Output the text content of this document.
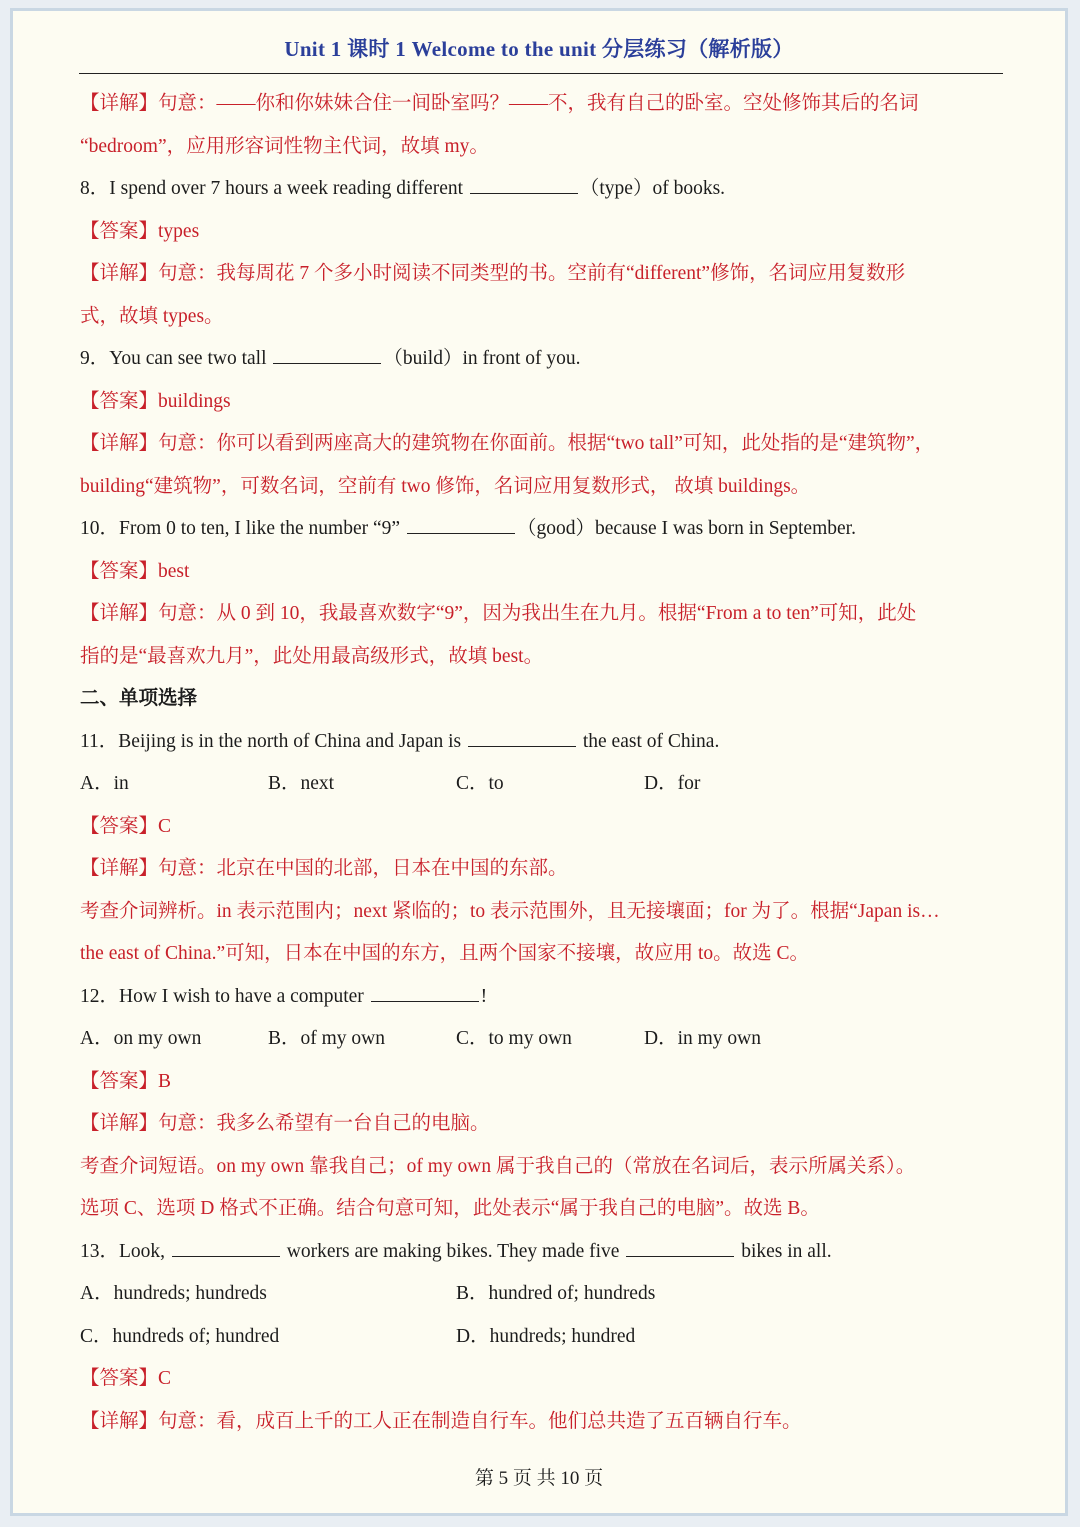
Unit 1 课时 1 Welcome to the unit 分层练习（解析版）
【详解】句意：——你和你妹妹合住一间卧室吗？——不，我有自己的卧室。空处修饰其后的名词
“bedroom”，应用形容词性物主代词，故填 my。
8．I spend over 7 hours a week reading different	（type）of books.
【答案】types
【详解】句意：我每周花 7 个多小时阅读不同类型的书。空前有“different”修饰，名词应用复数形
式，故填 types。
9．You can see two tall	（build）in front of you.
【答案】buildings
【详解】句意：你可以看到两座高大的建筑物在你面前。根据“two tall”可知，此处指的是“建筑物”，
building“建筑物”，可数名词，空前有 two 修饰，名词应用复数形式， 故填 buildings。
10．From 0 to ten, I like the number “9”	（good）because I was born in September.
【答案】best
【详解】句意：从 0 到 10，我最喜欢数字“9”，因为我出生在九月。根据“From a to ten”可知，此处
指的是“最喜欢九月”，此处用最高级形式，故填 best。
二、单项选择
11．Beijing is in the north of China and Japan is	the east of China.
A．in	B．next	C．to	D．for
【答案】C
【详解】句意：北京在中国的北部，日本在中国的东部。
考查介词辨析。in 表示范围内；next 紧临的；to 表示范围外，且无接壤面；for 为了。根据“Japan is…
the east of China.”可知，日本在中国的东方，且两个国家不接壤，故应用 to。故选 C。
12．How I wish to have a computer	!
A．on my own	B．of my own	C．to my own	D．in my own
【答案】B
【详解】句意：我多么希望有一台自己的电脑。
考查介词短语。on my own 靠我自己；of my own 属于我自己的（常放在名词后，表示所属关系）。
选项 C、选项 D 格式不正确。结合句意可知，此处表示“属于我自己的电脑”。故选 B。
13．Look,	workers are making bikes. They made five	bikes in all.
A．hundreds; hundreds	B．hundred of; hundreds
C．hundreds of; hundred	D．hundreds; hundred
【答案】C
【详解】句意：看，成百上千的工人正在制造自行车。他们总共造了五百辆自行车。
第 5 页 共 10 页
